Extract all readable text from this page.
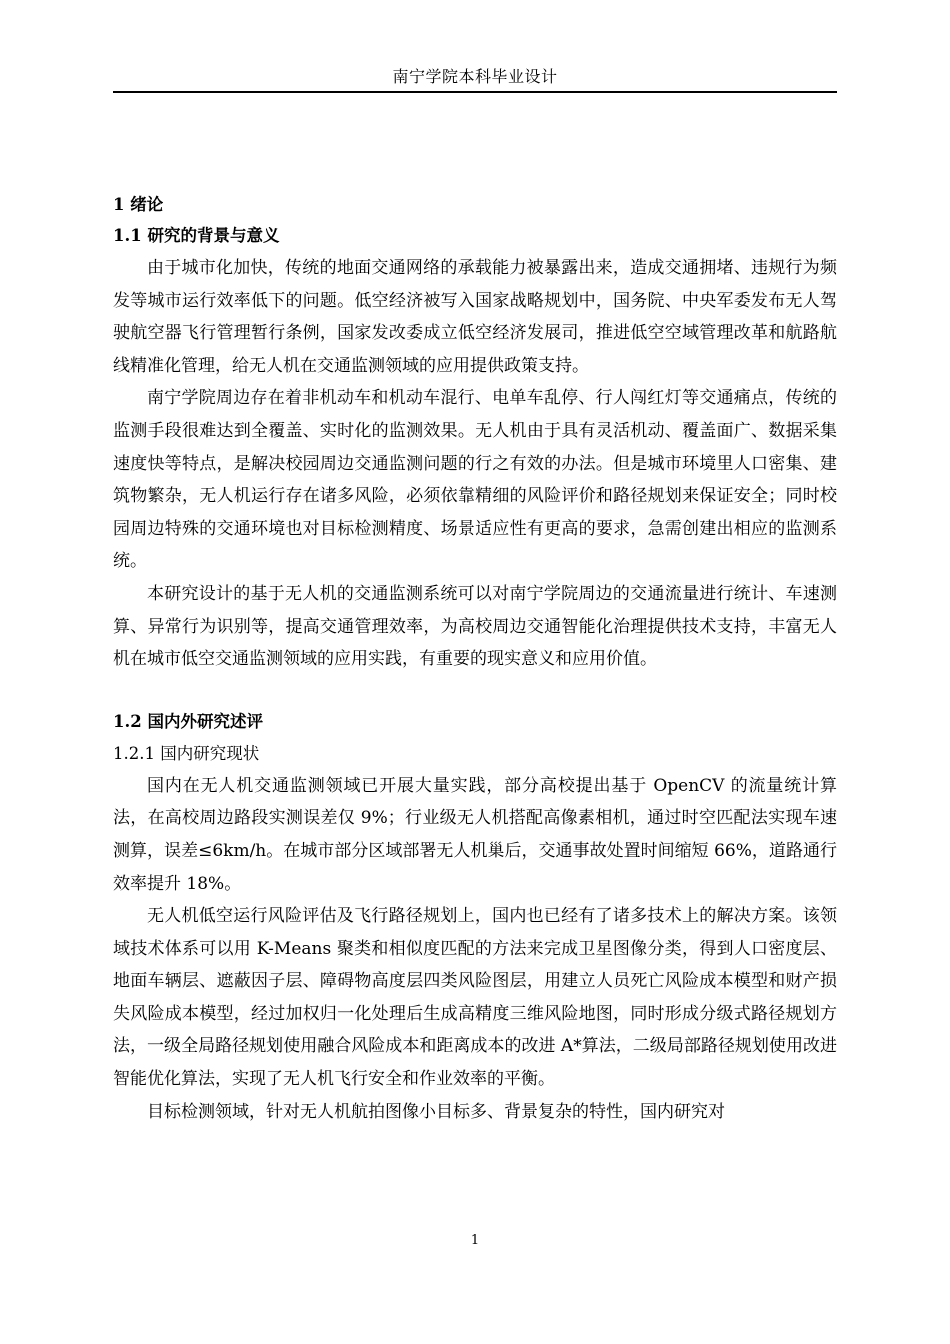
南宁学院本科毕业设计
1 绪论
1.1 研究的背景与意义

由于城市化加快，传统的地面交通网络的承载能力被暴露出来，造成交通拥堵、违规行为频发等城市运行效率低下的问题。低空经济被写入国家战略规划中，国务院、中央军委发布无人驾驶航空器飞行管理暂行条例，国家发改委成立低空经济发展司，推进低空空域管理改革和航路航线精准化管理，给无人机在交通监测领域的应用提供政策支持。

南宁学院周边存在着非机动车和机动车混行、电单车乱停、行人闯红灯等交通痛点，传统的监测手段很难达到全覆盖、实时化的监测效果。无人机由于具有灵活机动、覆盖面广、数据采集速度快等特点，是解决校园周边交通监测问题的行之有效的办法。但是城市环境里人口密集、建筑物繁杂，无人机运行存在诸多风险，必须依靠精细的风险评价和路径规划来保证安全；同时校园周边特殊的交通环境也对目标检测精度、场景适应性有更高的要求，急需创建出相应的监测系统。

本研究设计的基于无人机的交通监测系统可以对南宁学院周边的交通流量进行统计、车速测算、异常行为识别等，提高交通管理效率，为高校周边交通智能化治理提供技术支持，丰富无人机在城市低空交通监测领域的应用实践，有重要的现实意义和应用价值。

1.2 国内外研究述评
1.2.1 国内研究现状

国内在无人机交通监测领域已开展大量实践，部分高校提出基于 OpenCV 的流量统计算法，在高校周边路段实测误差仅 9%；行业级无人机搭配高像素相机，通过时空匹配法实现车速测算，误差≤6km/h。在城市部分区域部署无人机巢后，交通事故处置时间缩短 66%，道路通行效率提升 18%。

无人机低空运行风险评估及飞行路径规划上，国内也已经有了诸多技术上的解决方案。该领域技术体系可以用 K-Means 聚类和相似度匹配的方法来完成卫星图像分类，得到人口密度层、地面车辆层、遮蔽因子层、障碍物高度层四类风险图层，用建立人员死亡风险成本模型和财产损失风险成本模型，经过加权归一化处理后生成高精度三维风险地图，同时形成分级式路径规划方法，一级全局路径规划使用融合风险成本和距离成本的改进 A*算法，二级局部路径规划使用改进智能优化算法，实现了无人机飞行安全和作业效率的平衡。

目标检测领域，针对无人机航拍图像小目标多、背景复杂的特性，国内研究对

1
